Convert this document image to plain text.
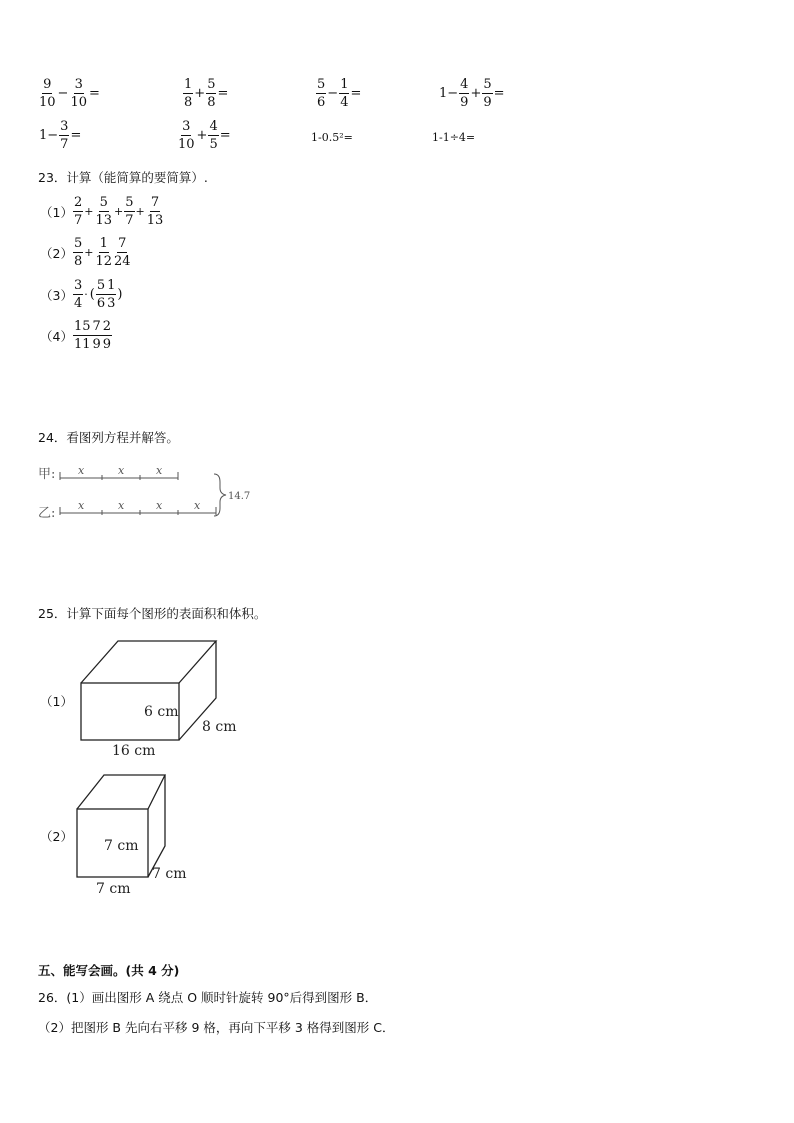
$\frac{9}{10} - \frac{3}{10}$ =	$\frac{1}{8} + \frac{5}{8}$ =	$\frac{5}{6} - \frac{1}{4}$ =	$1- \frac{4}{9} + \frac{5}{9}$ =
$1- \frac{3}{7}$ =	$\frac{3}{10} + \frac{4}{5}$ =	1-0.5²=	1-1÷4=
23．计算（能简算的要简算）.
$(1) \frac{2}{7} + \frac{5}{13} + \frac{5}{7} + \frac{7}{13}$
$(2) \frac{5}{8} + \frac{1}{12} \frac{7}{24}$
$(3) \frac{3}{4}$ · ( $\frac{5}{6} \frac{1}{3}$ )
$(4) \frac{15}{11} \frac{7}{9} \frac{2}{9}$
24．看图列方程并解答。
甲: x	x	x
乙:
x	x	x	x
14.7
25．计算下面每个图形的表面积和体积。
（1）
6 cm
16 cm
8 cm
（2）
7 cm
7 cm
7 cm
五、能写会画。(共 4 分)
26．(1）画出图形 A 绕点 O 顺时针旋转 90°后得到图形 B．
（2）把图形 B 先向右平移 9 格，再向下平移 3 格得到图形 C．
